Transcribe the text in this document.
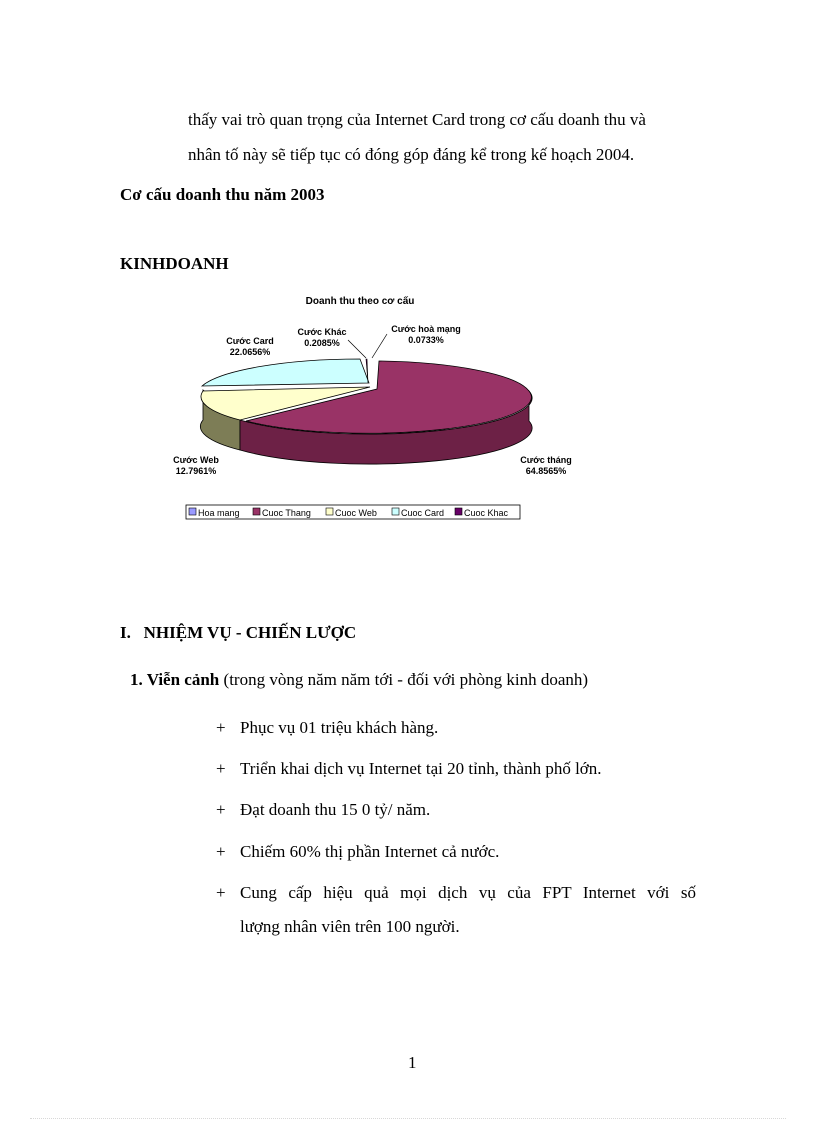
thấy vai trò quan trọng của Internet Card trong cơ cấu doanh thu và
nhân tố này sẽ tiếp tục có đóng góp đáng kể trong kế hoạch 2004.
Cơ cấu doanh thu năm 2003
KINHDOANH
Doanh thu theo cơ cấu
Cước Card
22.0656%
Cước Khác
0.2085%
Cước hoà mạng
0.0733%
Cước Web
12.7961%
Cước tháng
64.8565%
Hoa mang Cuoc Thang	Cuoc Web	Cuoc Card Cuoc Khac
I.   NHIỆM VỤ - CHIẾN LƯỢC
1. Viễn cảnh (trong vòng năm năm tới - đối với phòng kinh doanh)
+ Phục vụ 01 triệu khách hàng.
+ Triển khai dịch vụ Internet tại 20 tỉnh, thành phố lớn.
+ Đạt doanh thu 15 0 tỷ/ năm.
+ Chiếm 60% thị phần Internet cả nước.
+ Cung cấp hiệu quả mọi dịch vụ của FPT Internet với số
lượng nhân viên trên 100 người.
1
